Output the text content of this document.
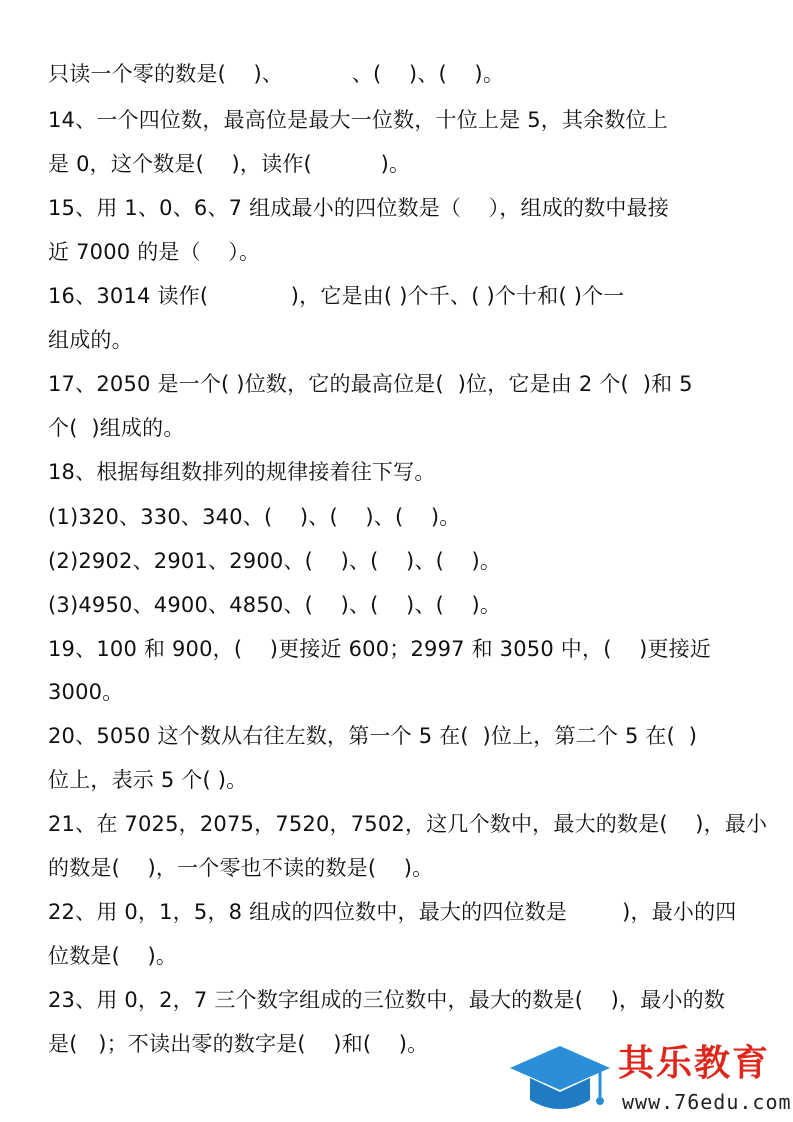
只读一个零的数是(    )、          、(    )、(    )。
14、一个四位数，最高位是最大一位数，十位上是 5，其余数位上
是 0，这个数是(    )，读作(          )。
15、用 1、0、6、7 组成最小的四位数是（    ），组成的数中最接
近 7000 的是（    ）。
16、3014 读作(            )，它是由( )个千、( )个十和( )个一
组成的。
17、2050 是一个( )位数，它的最高位是(  )位，它是由 2 个(  )和 5
个(  )组成的。
18、根据每组数排列的规律接着往下写。
(1)320、330、340、(    )、(    )、(    )。
(2)2902、2901、2900、(    )、(    )、(    )。
(3)4950、4900、4850、(    )、(    )、(    )。
19、100 和 900，(    )更接近 600；2997 和 3050 中，(    )更接近
3000。
20、5050 这个数从右往左数，第一个 5 在(  )位上，第二个 5 在(  )
位上，表示 5 个( )。
21、在 7025，2075，7520，7502，这几个数中，最大的数是(    )，最小
的数是(    )，一个零也不读的数是(    )。
22、用 0，1，5，8 组成的四位数中，最大的四位数是        )，最小的四
位数是(    )。
23、用 0，2，7 三个数字组成的三位数中，最大的数是(    )，最小的数
是(   )；不读出零的数字是(    )和(    )。	其乐教育
www.76edu.com
